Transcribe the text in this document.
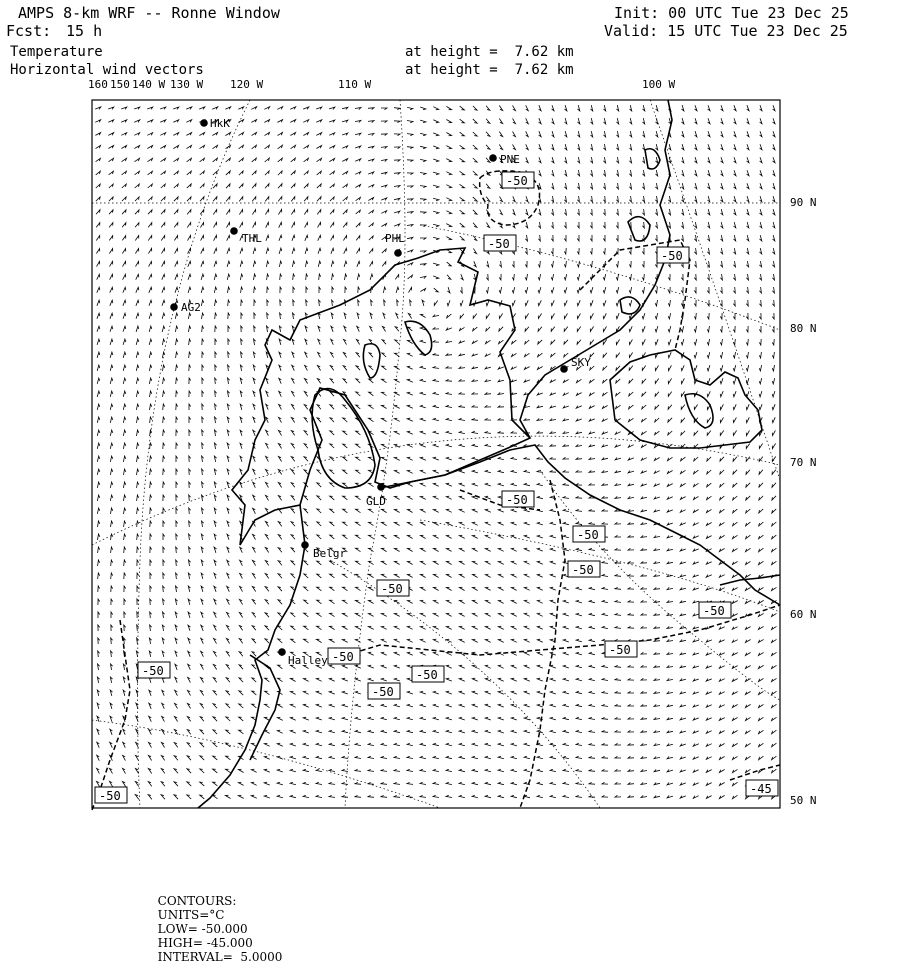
AMPS 8-km WRF -- Ronne Window
Fcst: 15 h
Temperature
Horizontal wind vectors
at height =  7.62 km
at height =  7.62 km
Init: 00 UTC Tue 23 Dec 25
Valid: 15 UTC Tue 23 Dec 25
160 150 140 W 130 W 120 W	110 W	100 W
90 N
80 N
70 N
60 N
50 N
-50
-50
-50
-50
-50
-50
-50
-50
-50
-50
-50	-50
-50
-50	-45
HkK
PNE
THL	PHL
AG2
SKY
GLD
Belgr
Halley

CONTOURS:
UNITS=°C
LOW= -50.000
HIGH= -45.000
INTERVAL=  5.0000
